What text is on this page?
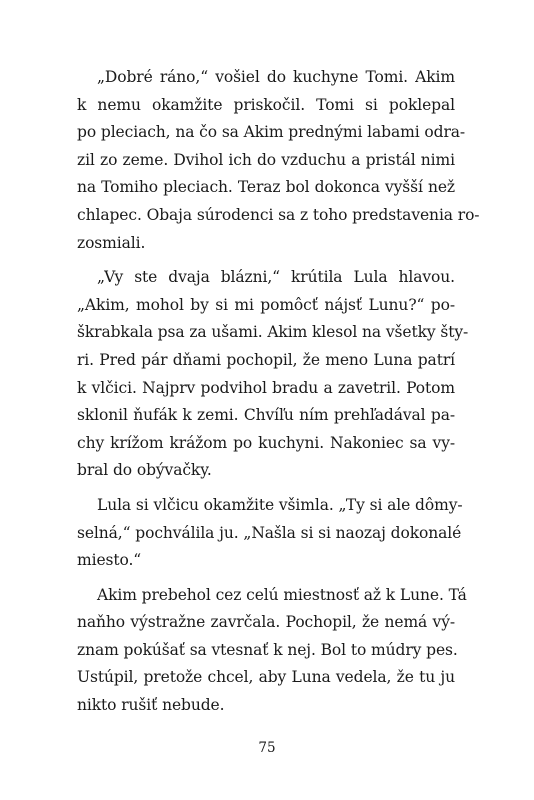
„Dobré ráno,“ vošiel do kuchyne Tomi. Akim
k nemu okamžite priskočil. Tomi si poklepal
po pleciach, na čo sa Akim prednými labami odra-
zil zo zeme. Dvihol ich do vzduchu a pristál nimi
na Tomiho pleciach. Teraz bol dokonca vyšší než
chlapec. Obaja súrodenci sa z toho predstavenia ro-
zosmiali.
„Vy ste dvaja blázni,“ krútila Lula hlavou.
„Akim, mohol by si mi pomôcť nájsť Lunu?“ po-
škrabkala psa za ušami. Akim klesol na všetky šty-
ri. Pred pár dňami pochopil, že meno Luna patrí
k vlčici. Najprv podvihol bradu a zavetril. Potom
sklonil ňufák k zemi. Chvíľu ním prehľadával pa-
chy krížom krážom po kuchyni. Nakoniec sa vy-
bral do obývačky.
Lula si vlčicu okamžite všimla. „Ty si ale dômy-
selná,“ pochválila ju. „Našla si si naozaj dokonalé
miesto.“
Akim prebehol cez celú miestnosť až k Lune. Tá
naňho výstražne zavrčala. Pochopil, že nemá vý-
znam pokúšať sa vtesnať k nej. Bol to múdry pes.
Ustúpil, pretože chcel, aby Luna vedela, že tu ju
nikto rušiť nebude.
75
